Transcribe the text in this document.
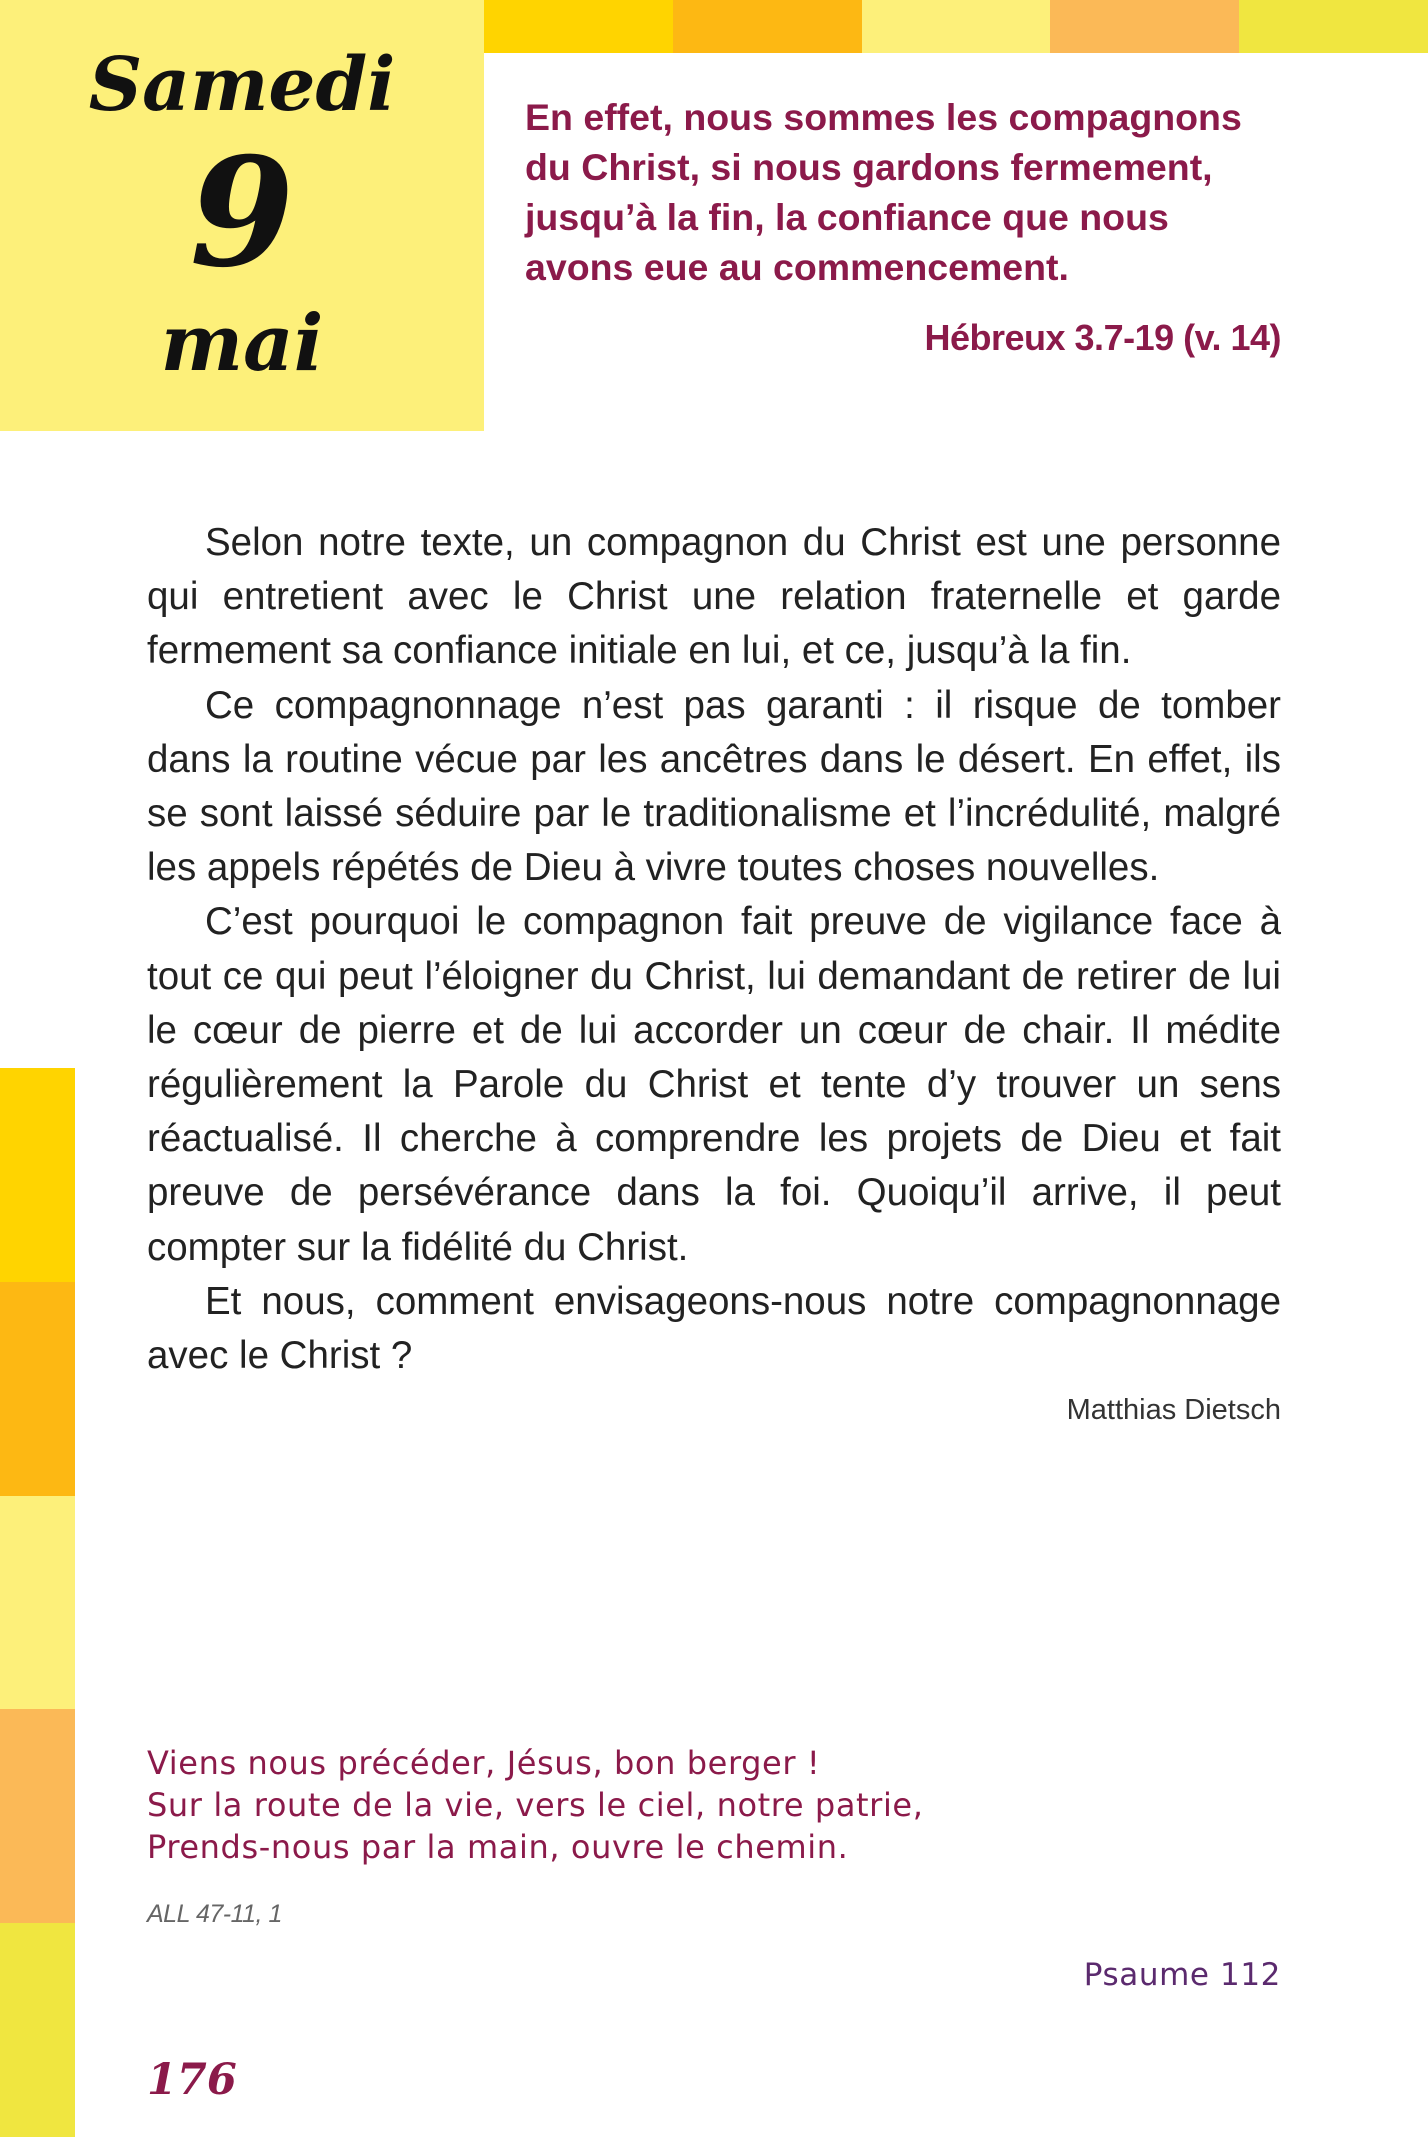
Samedi
9
mai
En effet, nous sommes les compagnons
du Christ, si nous gardons fermement,
jusqu’à la fin, la confiance que nous
avons eue au commencement.
Hébreux 3.7-19 (v. 14)

Selon notre texte, un compagnon du Christ est une personne qui entretient avec le Christ une relation fraternelle et garde fermement sa confiance initiale en lui, et ce, jusqu’à la fin.

Ce compagnonnage n’est pas garanti : il risque de tomber dans la routine vécue par les ancêtres dans le désert. En effet, ils se sont laissé séduire par le traditionalisme et l’incrédulité, malgré les appels répétés de Dieu à vivre toutes choses nouvelles.

C’est pourquoi le compagnon fait preuve de vigilance face à tout ce qui peut l’éloigner du Christ, lui demandant de retirer de lui le cœur de pierre et de lui accorder un cœur de chair. Il médite régulièrement la Parole du Christ et tente d’y trouver un sens réactualisé. Il cherche à comprendre les projets de Dieu et fait preuve de persévérance dans la foi. Quoiqu’il arrive, il peut compter sur la fidélité du Christ.

Et nous, comment envisageons-nous notre compagnonnage avec le Christ ?

Matthias Dietsch
Viens nous précéder, Jésus, bon berger !
Sur la route de la vie, vers le ciel, notre patrie,
Prends-nous par la main, ouvre le chemin.
ALL 47-11, 1
Psaume 112
176
